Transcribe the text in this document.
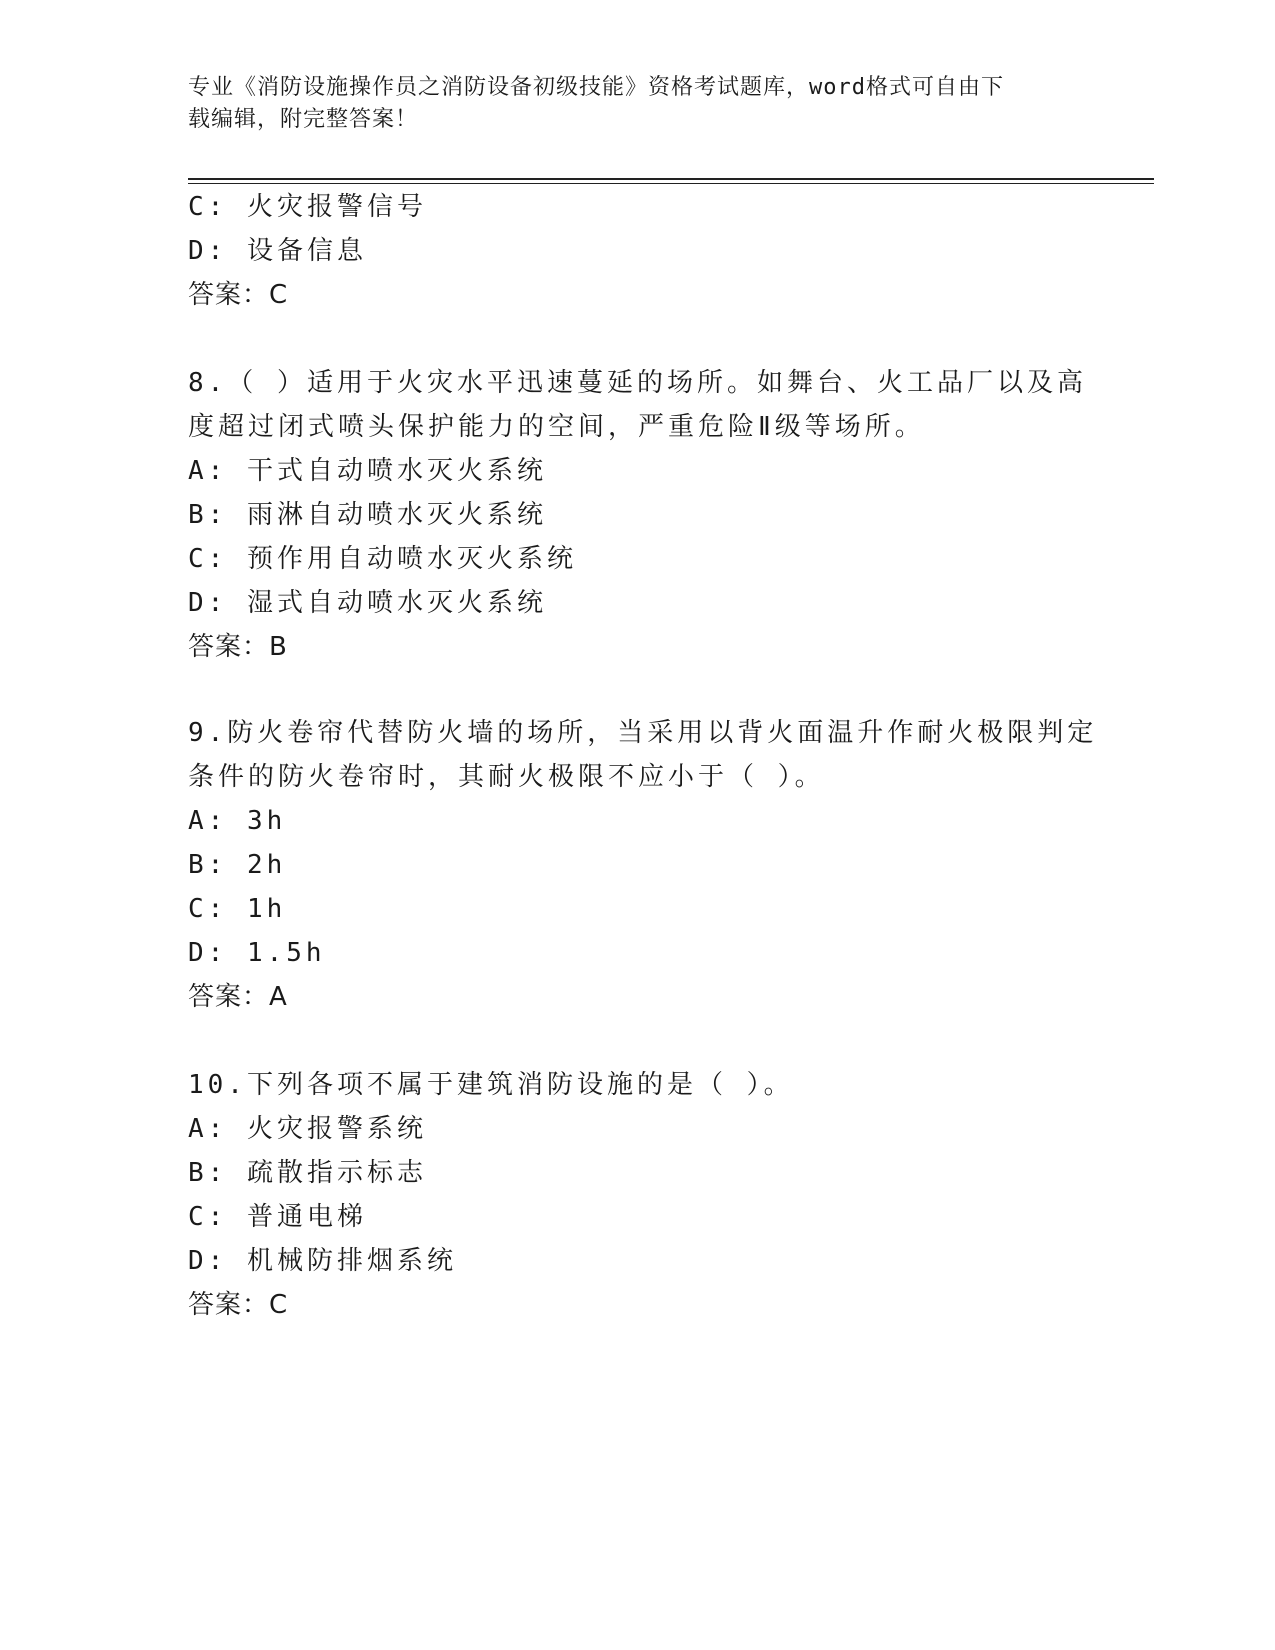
专业《消防设施操作员之消防设备初级技能》资格考试题库，word格式可自由下
载编辑，附完整答案！
C: 火灾报警信号
D: 设备信息
答案：C
8.（ ）适用于火灾水平迅速蔓延的场所。如舞台、火工品厂以及高
度超过闭式喷头保护能力的空间，严重危险Ⅱ级等场所。
A: 干式自动喷水灭火系统
B: 雨淋自动喷水灭火系统
C: 预作用自动喷水灭火系统
D: 湿式自动喷水灭火系统
答案：B
9.防火卷帘代替防火墙的场所，当采用以背火面温升作耐火极限判定
条件的防火卷帘时，其耐火极限不应小于（ ）。
A: 3h
B: 2h
C: 1h
D: 1.5h
答案：A
10.下列各项不属于建筑消防设施的是（ ）。
A: 火灾报警系统
B: 疏散指示标志
C: 普通电梯
D: 机械防排烟系统
答案：C
